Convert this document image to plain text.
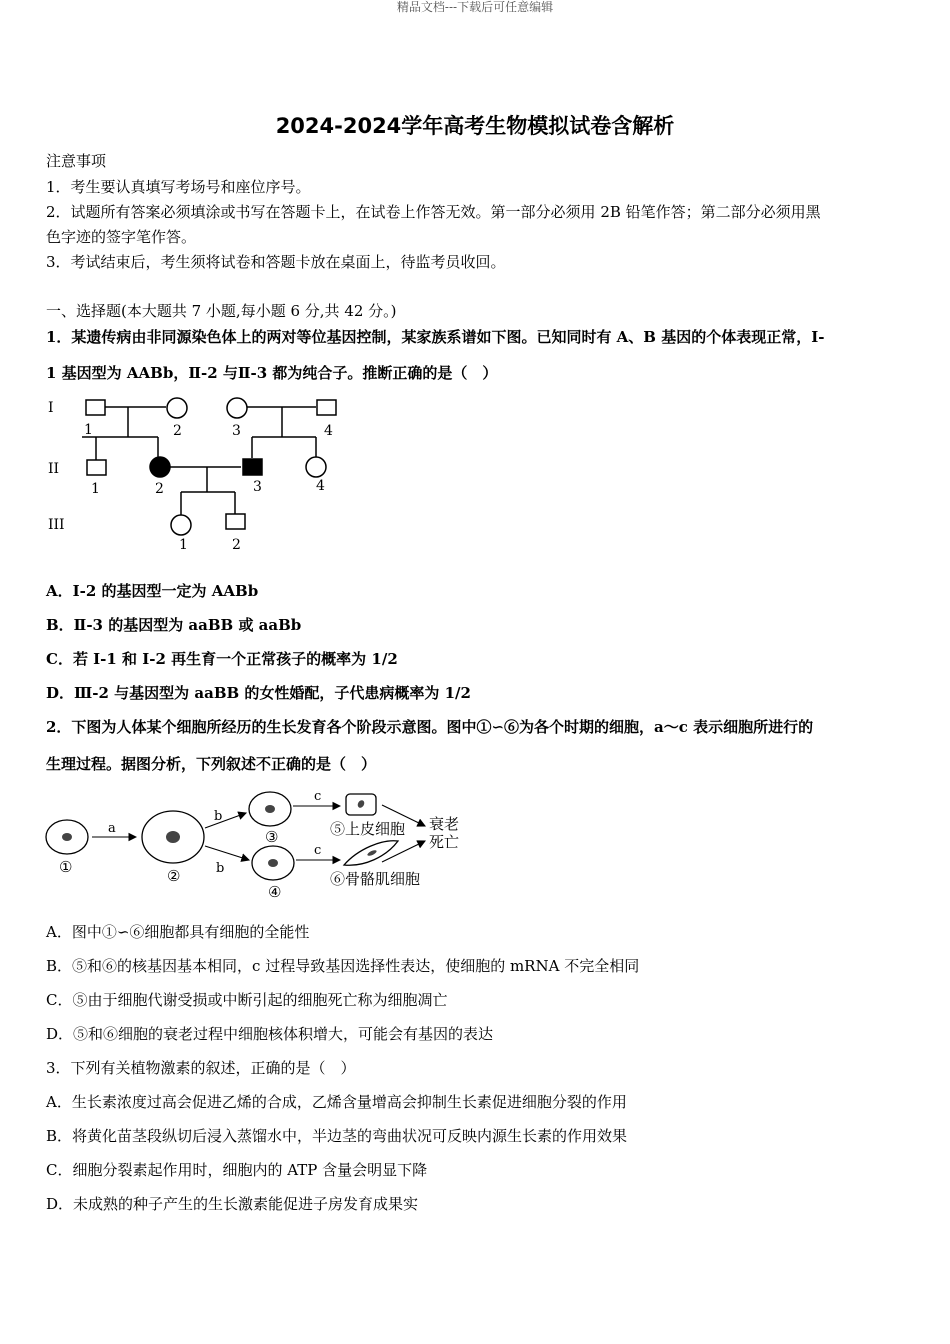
精品文档---下载后可任意编辑
2024-2024学年高考生物模拟试卷含解析
注意事项
1．考生要认真填写考场号和座位序号。
2．试题所有答案必须填涂或书写在答题卡上，在试卷上作答无效。第一部分必须用 2B 铅笔作答；第二部分必须用黑
色字迹的签字笔作答。
3．考试结束后，考生须将试卷和答题卡放在桌面上，待监考员收回。
一、选择题(本大题共 7 小题,每小题 6 分,共 42 分。)
1．某遗传病由非同源染色体上的两对等位基因控制，某家族系谱如下图。已知同时有 A、B 基因的个体表现正常，I-
1 基因型为 AABb，Ⅱ-2 与Ⅱ-3 都为纯合子。推断正确的是（　）
I
II
III
1	2	3	4
1	2	3	4
1	2
A．I-2 的基因型一定为 AABb
B．Ⅱ-3 的基因型为 aaBB 或 aaBb
C．若 I-1 和 I-2 再生育一个正常孩子的概率为 1/2
D．Ⅲ-2 与基因型为 aaBB 的女性婚配，子代患病概率为 1/2
2．下图为人体某个细胞所经历的生长发育各个阶段示意图。图中①∽⑥为各个时期的细胞，a～c 表示细胞所进行的
生理过程。据图分析，下列叙述不正确的是（　）
a
b
b
c
c
①	②
③
④
⑤上皮细胞
⑥骨骼肌细胞
衰老
死亡
A．图中①∽⑥细胞都具有细胞的全能性
B．⑤和⑥的核基因基本相同，c 过程导致基因选择性表达，使细胞的 mRNA 不完全相同
C．⑤由于细胞代谢受损或中断引起的细胞死亡称为细胞凋亡
D．⑤和⑥细胞的衰老过程中细胞核体积增大，可能会有基因的表达
3．下列有关植物激素的叙述，正确的是（　）
A．生长素浓度过高会促进乙烯的合成，乙烯含量增高会抑制生长素促进细胞分裂的作用
B．将黄化苗茎段纵切后浸入蒸馏水中，半边茎的弯曲状况可反映内源生长素的作用效果
C．细胞分裂素起作用时，细胞内的 ATP 含量会明显下降
D．未成熟的种子产生的生长激素能促进子房发育成果实
